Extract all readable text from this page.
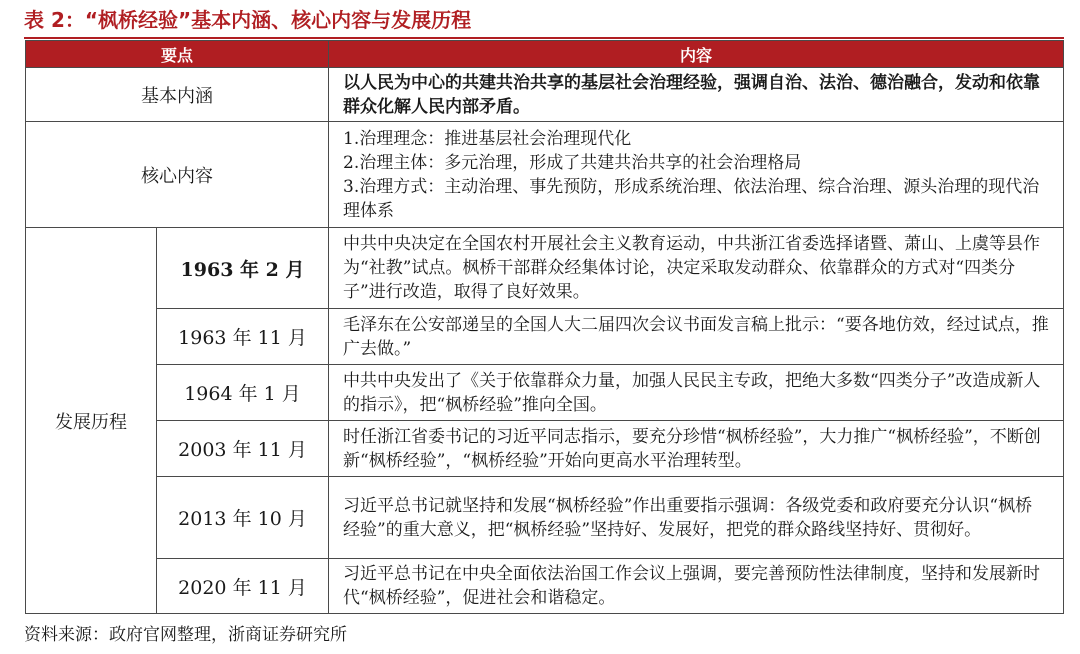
表 2：“枫桥经验”基本内涵、核心内容与发展历程
要点		内容
基本内涵		以人民为中心的共建共治共享的基层社会治理经验，强调自治、法治、德治融合，发动和依靠群众化解人民内部矛盾。
核心内容		1.治理理念：推进基层社会治理现代化

2.治理主体：多元治理，形成了共建共治共享的社会治理格局

3.治理方式：主动治理、事先预防，形成系统治理、依法治理、综合治理、源头治理的现代治理体系

发展历程	1963 年 2 月	中共中央决定在全国农村开展社会主义教育运动，中共浙江省委选择诸暨、萧山、上虞等县作为“社教”试点。枫桥干部群众经集体讨论，决定采取发动群众、依靠群众的方式对“四类分子”进行改造，取得了良好效果。
	1963 年 11 月	毛泽东在公安部递呈的全国人大二届四次会议书面发言稿上批示：“要各地仿效，经过试点，推广去做。”
	1964 年 1 月	中共中央发出了《关于依靠群众力量，加强人民民主专政，把绝大多数“四类分子”改造成新人的指示》，把“枫桥经验”推向全国。
	2003 年 11 月	时任浙江省委书记的习近平同志指示，要充分珍惜“枫桥经验”，大力推广“枫桥经验”，不断创新“枫桥经验”，“枫桥经验”开始向更高水平治理转型。
	2013 年 10 月	习近平总书记就坚持和发展“枫桥经验”作出重要指示强调：各级党委和政府要充分认识“枫桥经验”的重大意义，把“枫桥经验”坚持好、发展好，把党的群众路线坚持好、贯彻好。
	2020 年 11 月	习近平总书记在中央全面依法治国工作会议上强调，要完善预防性法律制度，坚持和发展新时代“枫桥经验”，促进社会和谐稳定。
资料来源：政府官网整理，浙商证券研究所
